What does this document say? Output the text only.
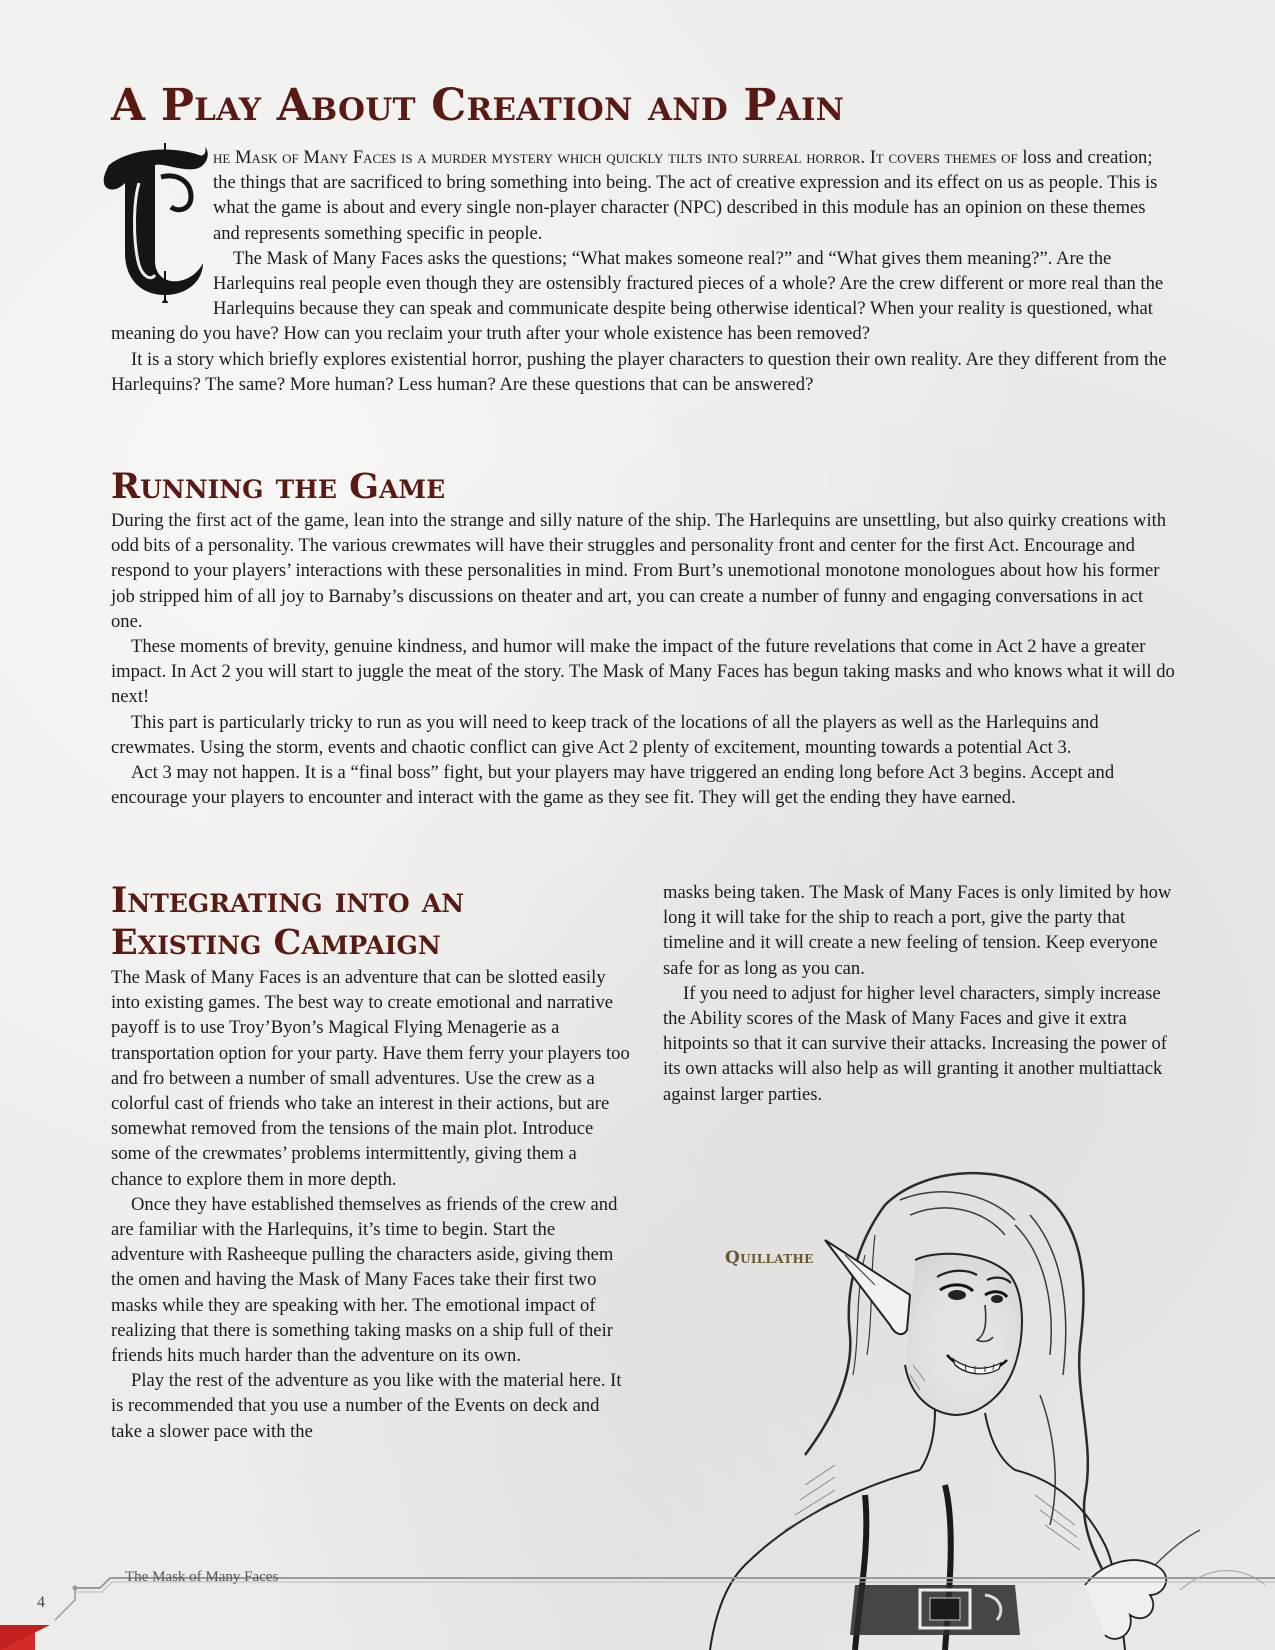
A Play About Creation and Pain

he Mask of Many Faces is a murder mystery which quickly tilts into surreal horror. It covers themes of loss and creation; the things that are sacrificed to bring something into being. The act of creative expression and its effect on us as people. This is what the game is about and every single non-player character (NPC) described in this module has an opinion on these themes and represents something specific in people.

The Mask of Many Faces asks the questions; “What makes someone real?” and “What gives them meaning?”. Are the Harlequins real people even though they are ostensibly fractured pieces of a whole? Are the crew different or more real than the Harlequins because they can speak and communicate despite being otherwise identical? When your reality is questioned, what meaning do you have? How can you reclaim your truth after your whole existence has been removed?

It is a story which briefly explores existential horror, pushing the player characters to question their own reality. Are they different from the Harlequins? The same? More human? Less human? Are these questions that can be answered?

Running the Game

During the first act of the game, lean into the strange and silly nature of the ship. The Harlequins are unsettling, but also quirky creations with odd bits of a personality. The various crewmates will have their struggles and personality front and center for the first Act. Encourage and respond to your players’ interactions with these personalities in mind. From Burt’s unemotional monotone monologues about how his former job stripped him of all joy to Barnaby’s discussions on theater and art, you can create a number of funny and engaging conversations in act one.

These moments of brevity, genuine kindness, and humor will make the impact of the future revelations that come in Act 2 have a greater impact. In Act 2 you will start to juggle the meat of the story. The Mask of Many Faces has begun taking masks and who knows what it will do next!

This part is particularly tricky to run as you will need to keep track of the locations of all the players as well as the Harlequins and crewmates. Using the storm, events and chaotic conflict can give Act 2 plenty of excitement, mounting towards a potential Act 3.

Act 3 may not happen. It is a “final boss” fight, but your players may have triggered an ending long before Act 3 begins. Accept and encourage your players to encounter and interact with the game as they see fit. They will get the ending they have earned.

Integrating into an
Existing Campaign

The Mask of Many Faces is an adventure that can be slotted easily into existing games. The best way to create emotional and narrative payoff is to use Troy’Byon’s Magical Flying Menagerie as a transportation option for your party. Have them ferry your players too and fro between a number of small adventures. Use the crew as a colorful cast of friends who take an interest in their actions, but are somewhat removed from the tensions of the main plot. Introduce some of the crewmates’ problems intermittently, giving them a chance to explore them in more depth.

Once they have established themselves as friends of the crew and are familiar with the Harlequins, it’s time to begin. Start the adventure with Rasheeque pulling the characters aside, giving them the omen and having the Mask of Many Faces take their first two masks while they are speaking with her. The emotional impact of realizing that there is something taking masks on a ship full of their friends hits much harder than the adventure on its own.

Play the rest of the adventure as you like with the material here. It is recommended that you use a number of the Events on deck and take a slower pace with the

masks being taken. The Mask of Many Faces is only limited by how long it will take for the ship to reach a port, give the party that timeline and it will create a new feeling of tension. Keep everyone safe for as long as you can.

If you need to adjust for higher level characters, simply increase the Ability scores of the Mask of Many Faces and give it extra hitpoints so that it can survive their attacks. Increasing the power of its own attacks will also help as will granting it another multiattack against larger parties.

Quillathe
The Mask of Many Faces
4
